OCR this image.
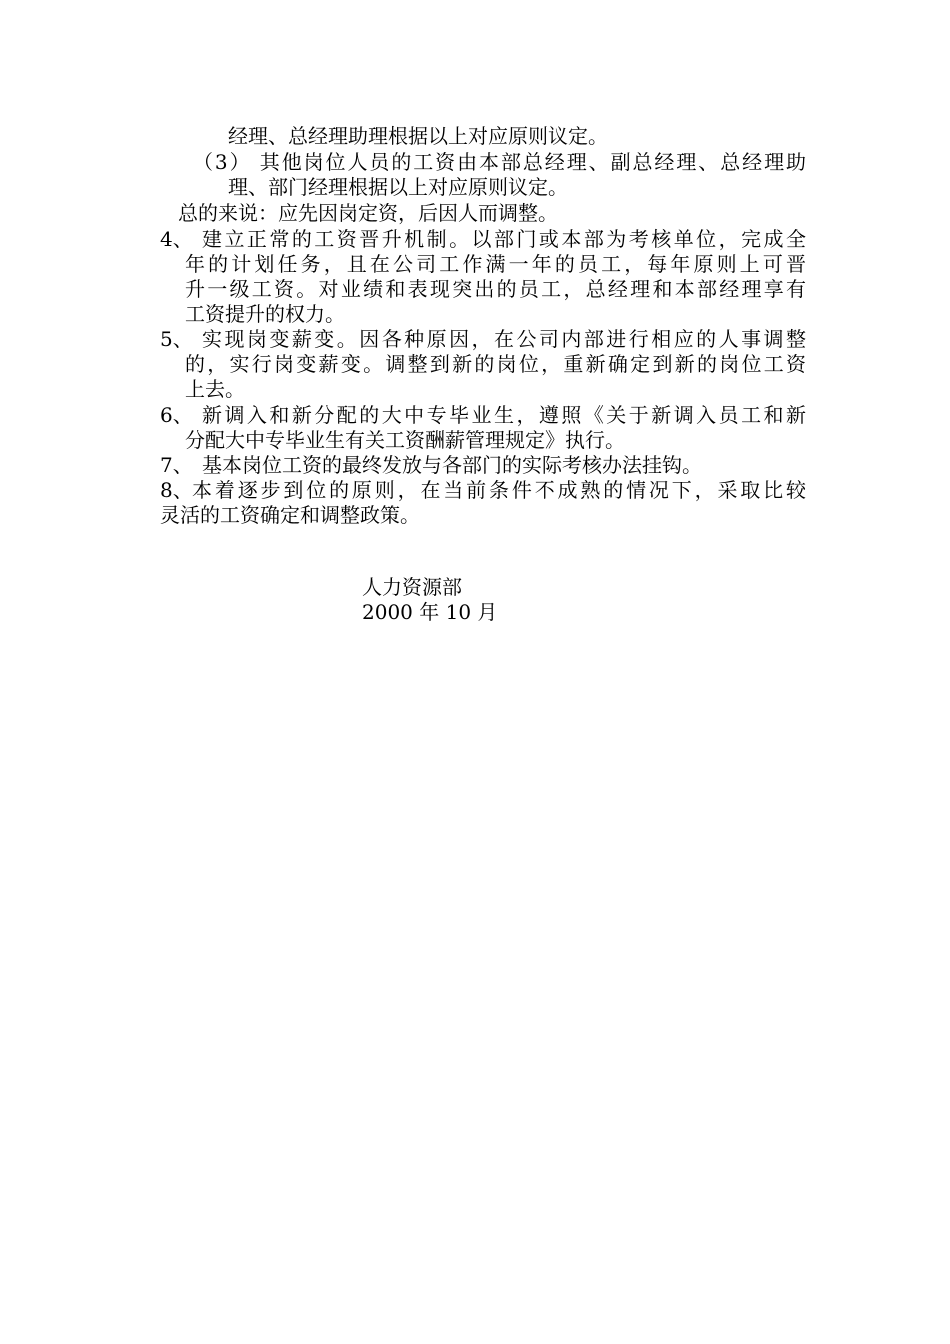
经理、总经理助理根据以上对应原则议定。
（3） 其他岗位人员的工资由本部总经理、副总经理、总经理助
理、部门经理根据以上对应原则议定。
总的来说：应先因岗定资，后因人而调整。
4、 建立正常的工资晋升机制。以部门或本部为考核单位，完成全
年的计划任务，且在公司工作满一年的员工，每年原则上可晋
升一级工资。对业绩和表现突出的员工，总经理和本部经理享有
工资提升的权力。
5、 实现岗变薪变。因各种原因，在公司内部进行相应的人事调整
的，实行岗变薪变。调整到新的岗位，重新确定到新的岗位工资
上去。
6、 新调入和新分配的大中专毕业生，遵照《关于新调入员工和新
分配大中专毕业生有关工资酬薪管理规定》执行。
7、 基本岗位工资的最终发放与各部门的实际考核办法挂钩。
8、 本着逐步到位的原则，在当前条件不成熟的情况下，采取比较
灵活的工资确定和调整政策。
人力资源部
2000 年 10 月
